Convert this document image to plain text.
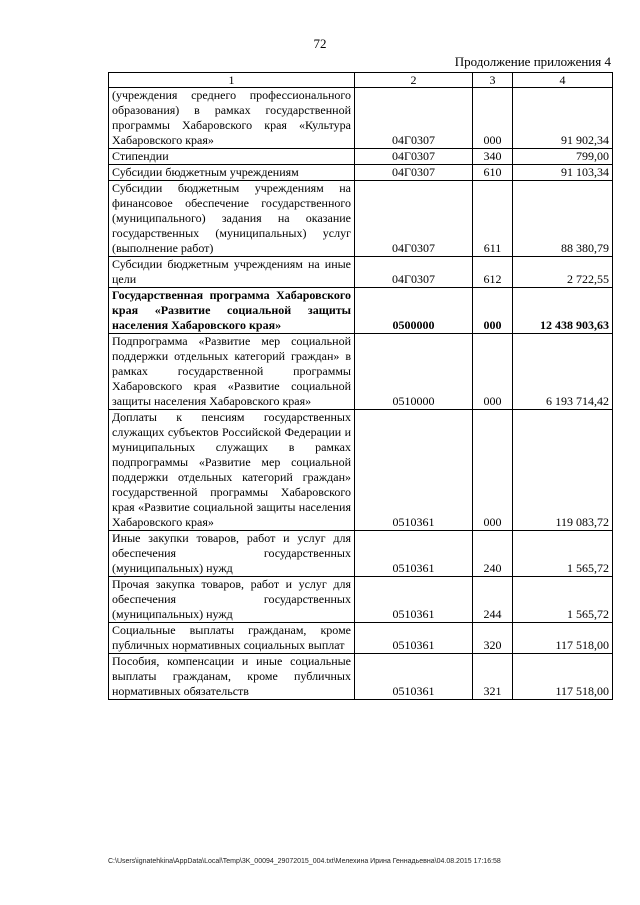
72
Продолжение приложения 4
1	2	3	4
(учреждения среднего профессионального образования) в рамках государственной программы Хабаровского края «Культура Хабаровского края»	04Г0307	000	91 902,34
Стипендии	04Г0307	340	799,00
Субсидии бюджетным учреждениям	04Г0307	610	91 103,34
Субсидии бюджетным учреждениям на финансовое обеспечение государственного (муниципального) задания на оказание государственных (муниципальных) услуг (выполнение работ)	04Г0307	611	88 380,79
Субсидии бюджетным учреждениям на иные цели	04Г0307	612	2 722,55
Государственная программа Хабаровского края «Развитие социальной защиты населения Хабаровского края»	0500000	000	12 438 903,63
Подпрограмма «Развитие мер социальной поддержки отдельных категорий граждан» в рамках государственной программы Хабаровского края «Развитие социальной защиты населения Хабаровского края»	0510000	000	6 193 714,42
Доплаты к пенсиям государственных служащих субъектов Российской Федерации и муниципальных служащих в рамках подпрограммы «Развитие мер социальной поддержки отдельных категорий граждан» государственной программы Хабаровского края «Развитие социальной защиты населения Хабаровского края»	0510361	000	119 083,72
Иные закупки товаров, работ и услуг для обеспечения государственных (муниципальных) нужд	0510361	240	1 565,72
Прочая закупка товаров, работ и услуг для обеспечения государственных (муниципальных) нужд	0510361	244	1 565,72
Социальные выплаты гражданам, кроме публичных нормативных социальных выплат	0510361	320	117 518,00
Пособия, компенсации и иные социальные выплаты гражданам, кроме публичных нормативных обязательств	0510361	321	117 518,00
C:\Users\ignatehkina\AppData\Local\Temp\3K_00094_29072015_004.txt\Мелехина Ирина Геннадьевна\04.08.2015 17:16:58
